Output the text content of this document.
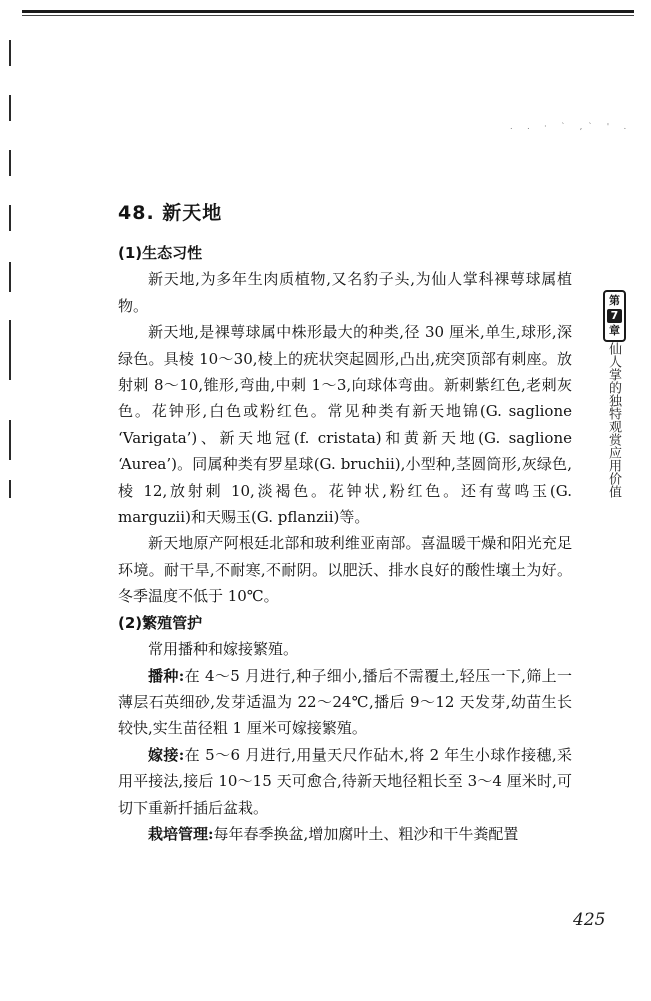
. . · ` ,` ' .
48. 新天地

(1)生态习性

新天地,为多年生肉质植物,又名豹子头,为仙人掌科裸萼球属植物。

新天地,是裸萼球属中株形最大的种类,径 30 厘米,单生,球形,深绿色。具棱 10～30,棱上的疣状突起圆形,凸出,疣突顶部有刺座。放射刺 8～10,锥形,弯曲,中刺 1～3,向球体弯曲。新刺紫红色,老刺灰色。花钟形,白色或粉红色。常见种类有新天地锦(G. saglione ‘Varigata’)、新天地冠(f. cristata)和黄新天地(G. saglione ‘Aurea’)。同属种类有罗星球(G. bruchii),小型种,茎圆筒形,灰绿色,棱 12,放射刺 10,淡褐色。花钟状,粉红色。还有莺鸣玉(G. marguzii)和天赐玉(G. pflanzii)等。

新天地原产阿根廷北部和玻利维亚南部。喜温暖干燥和阳光充足环境。耐干旱,不耐寒,不耐阴。以肥沃、排水良好的酸性壤土为好。冬季温度不低于 10℃。

(2)繁殖管护

常用播种和嫁接繁殖。

播种:在 4～5 月进行,种子细小,播后不需覆土,轻压一下,筛上一薄层石英细砂,发芽适温为 22～24℃,播后 9～12 天发芽,幼苗生长较快,实生苗径粗 1 厘米可嫁接繁殖。

嫁接:在 5～6 月进行,用量天尺作砧木,将 2 年生小球作接穗,采用平接法,接后 10～15 天可愈合,待新天地径粗长至 3～4 厘米时,可切下重新扦插后盆栽。

栽培管理:每年春季换盆,增加腐叶土、粗沙和干牛粪配置

第
7
章
仙人掌的独特观赏应用价值
425
